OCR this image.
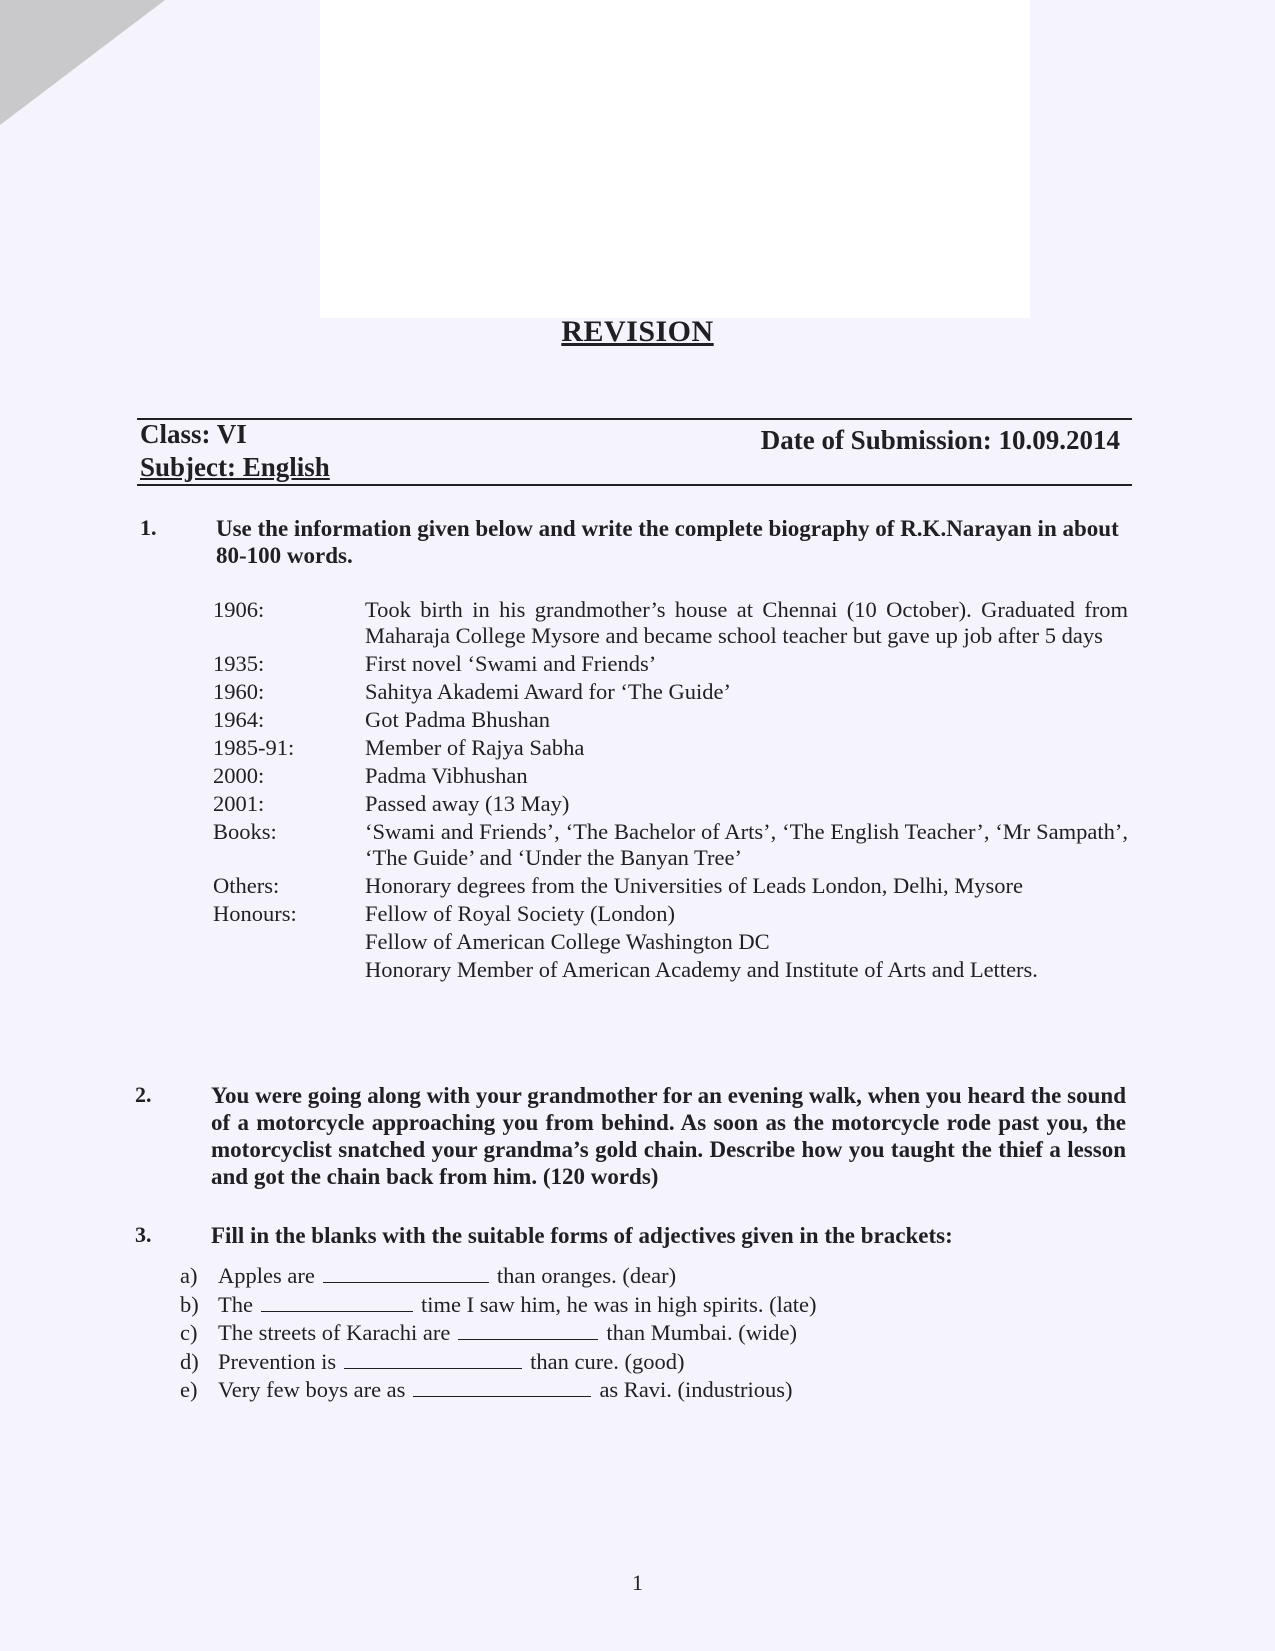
REVISION
Class: VI
Subject: English
Date of Submission: 10.09.2014
1.	Use the information given below and write the complete biography of R.K.Narayan in about 80-100 words.
1906:	Took birth in his grandmother’s house at Chennai (10 October). Graduated from Maharaja College Mysore and became school teacher but gave up job after 5 days
1935:	First novel ‘Swami and Friends’
1960:	Sahitya Akademi Award for ‘The Guide’
1964:	Got Padma Bhushan
1985-91:	Member of Rajya Sabha
2000:	Padma Vibhushan
2001:	Passed away (13 May)
Books:	‘Swami and Friends’, ‘The Bachelor of Arts’, ‘The English Teacher’, ‘Mr Sampath’, ‘The Guide’ and ‘Under the Banyan Tree’
Others:	Honorary degrees from the Universities of Leads London, Delhi, Mysore
Honours:	Fellow of Royal Society (London)
	Fellow of American College Washington DC
	Honorary Member of American Academy and Institute of Arts and Letters.
2.	You were going along with your grandmother for an evening walk, when you heard the sound of a motorcycle approaching you from behind. As soon as the motorcycle rode past you, the motorcyclist snatched your grandma’s gold chain. Describe how you taught the thief a lesson and got the chain back from him. (120 words)
3.	Fill in the blanks with the suitable forms of adjectives given in the brackets:
a) Apples are	than oranges. (dear)
b) The	time I saw him, he was in high spirits. (late)
c) The streets of Karachi are	than Mumbai. (wide)
d) Prevention is	than cure. (good)
e) Very few boys are as	as Ravi. (industrious)
1
